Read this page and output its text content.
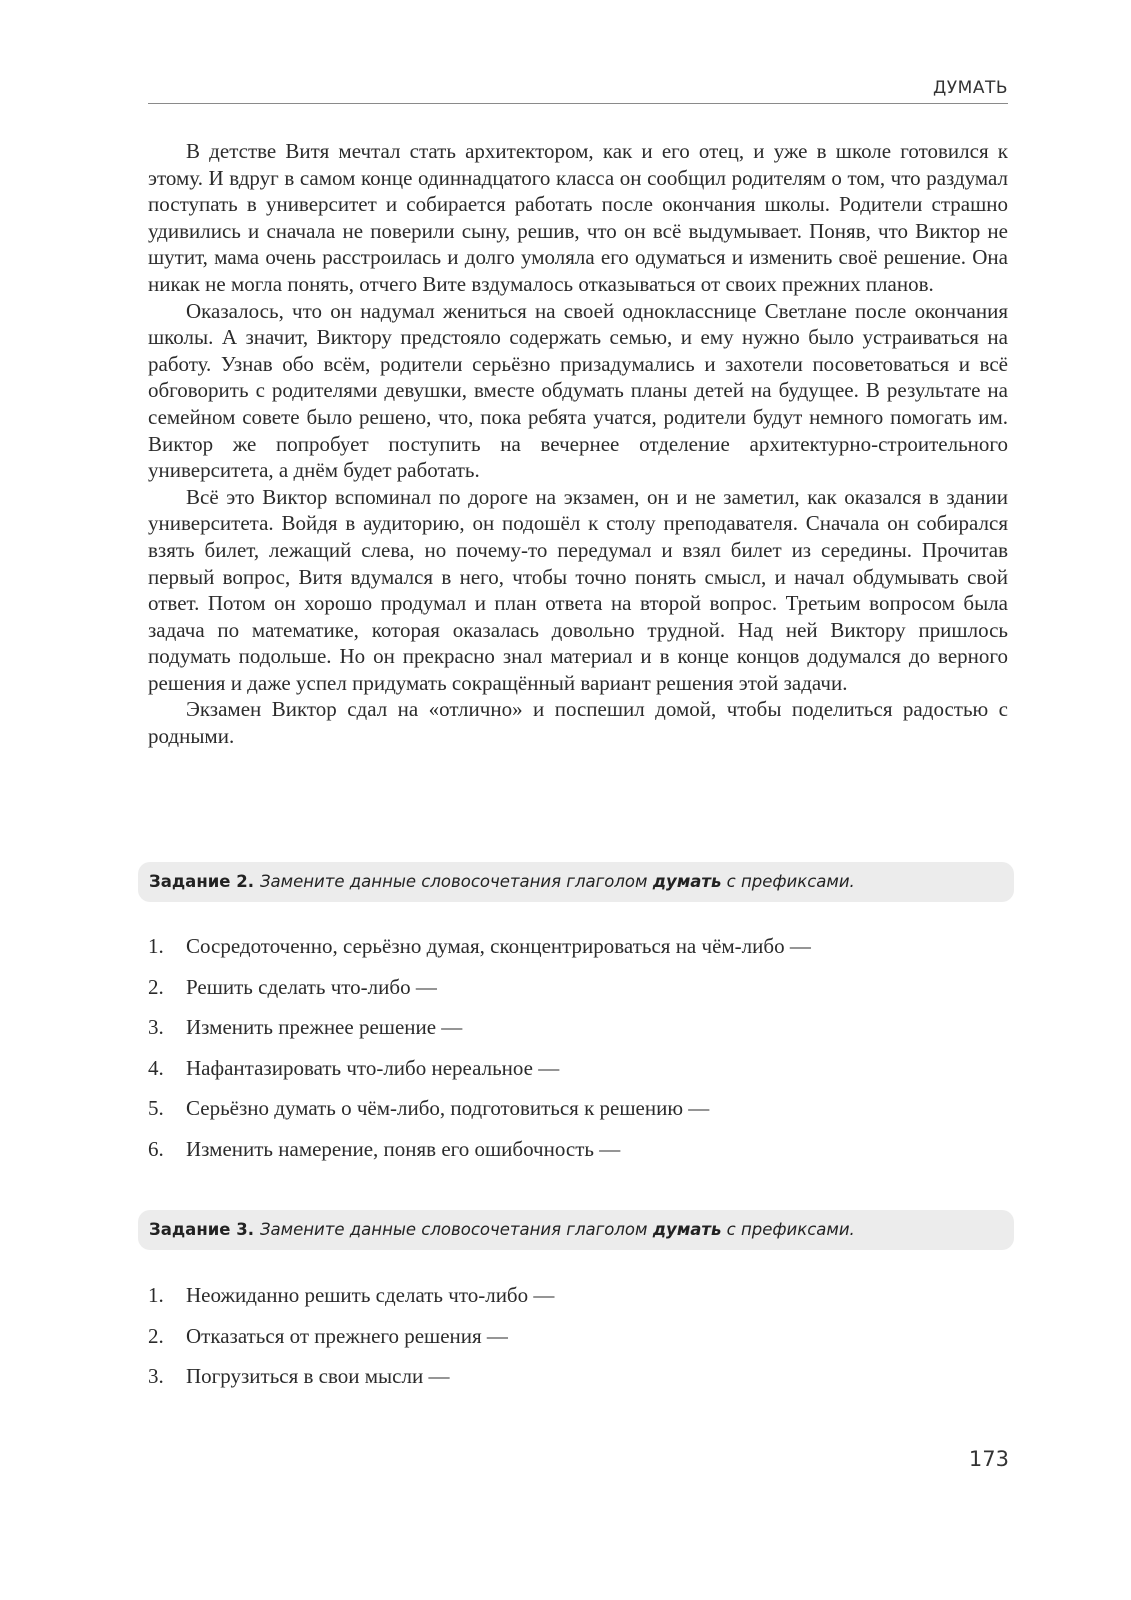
ДУМАТЬ

В детстве Витя мечтал стать архитектором, как и его отец, и уже в школе готовился к этому. И вдруг в самом конце одиннадцатого класса он сообщил родителям о том, что раздумал поступать в университет и собирается работать после окончания школы. Родители страшно удивились и сначала не поверили сыну, решив, что он всё выдумывает. Поняв, что Виктор не шутит, мама очень расстроилась и долго умоляла его одуматься и изменить своё решение. Она никак не могла понять, отчего Вите вздумалось отказываться от своих прежних планов.

Оказалось, что он надумал жениться на своей однокласснице Светлане после окончания школы. А значит, Виктору предстояло содержать семью, и ему нужно было устраиваться на работу. Узнав обо всём, родители серьёзно призадумались и захотели посоветоваться и всё обговорить с родителями девушки, вместе обдумать планы детей на будущее. В результате на семейном совете было решено, что, пока ребята учатся, родители будут немного помогать им. Виктор же попробует поступить на вечернее отделение архитектурно-строительного университета, а днём будет работать.

Всё это Виктор вспоминал по дороге на экзамен, он и не заметил, как оказался в здании университета. Войдя в аудиторию, он подошёл к столу преподавателя. Сначала он собирался взять билет, лежащий слева, но почему-то передумал и взял билет из середины. Прочитав первый вопрос, Витя вдумался в него, чтобы точно понять смысл, и начал обдумывать свой ответ. Потом он хорошо продумал и план ответа на второй вопрос. Третьим вопросом была задача по математике, которая оказалась довольно трудной. Над ней Виктору пришлось подумать подольше. Но он прекрасно знал материал и в конце концов додумался до верного решения и даже успел придумать сокращённый вариант решения этой задачи.

Экзамен Виктор сдал на «отлично» и поспешил домой, чтобы поделиться радостью с родными.

Задание 2. Замените данные словосочетания глаголом думать с префиксами.
1. Сосредоточенно, серьёзно думая, сконцентрироваться на чём-либо —
2. Решить сделать что-либо —
3. Изменить прежнее решение —
4. Нафантазировать что-либо нереальное —
5. Серьёзно думать о чём-либо, подготовиться к решению —
6. Изменить намерение, поняв его ошибочность —
Задание 3. Замените данные словосочетания глаголом думать с префиксами.
1. Неожиданно решить сделать что-либо —
2. Отказаться от прежнего решения —
3. Погрузиться в свои мысли —
173
